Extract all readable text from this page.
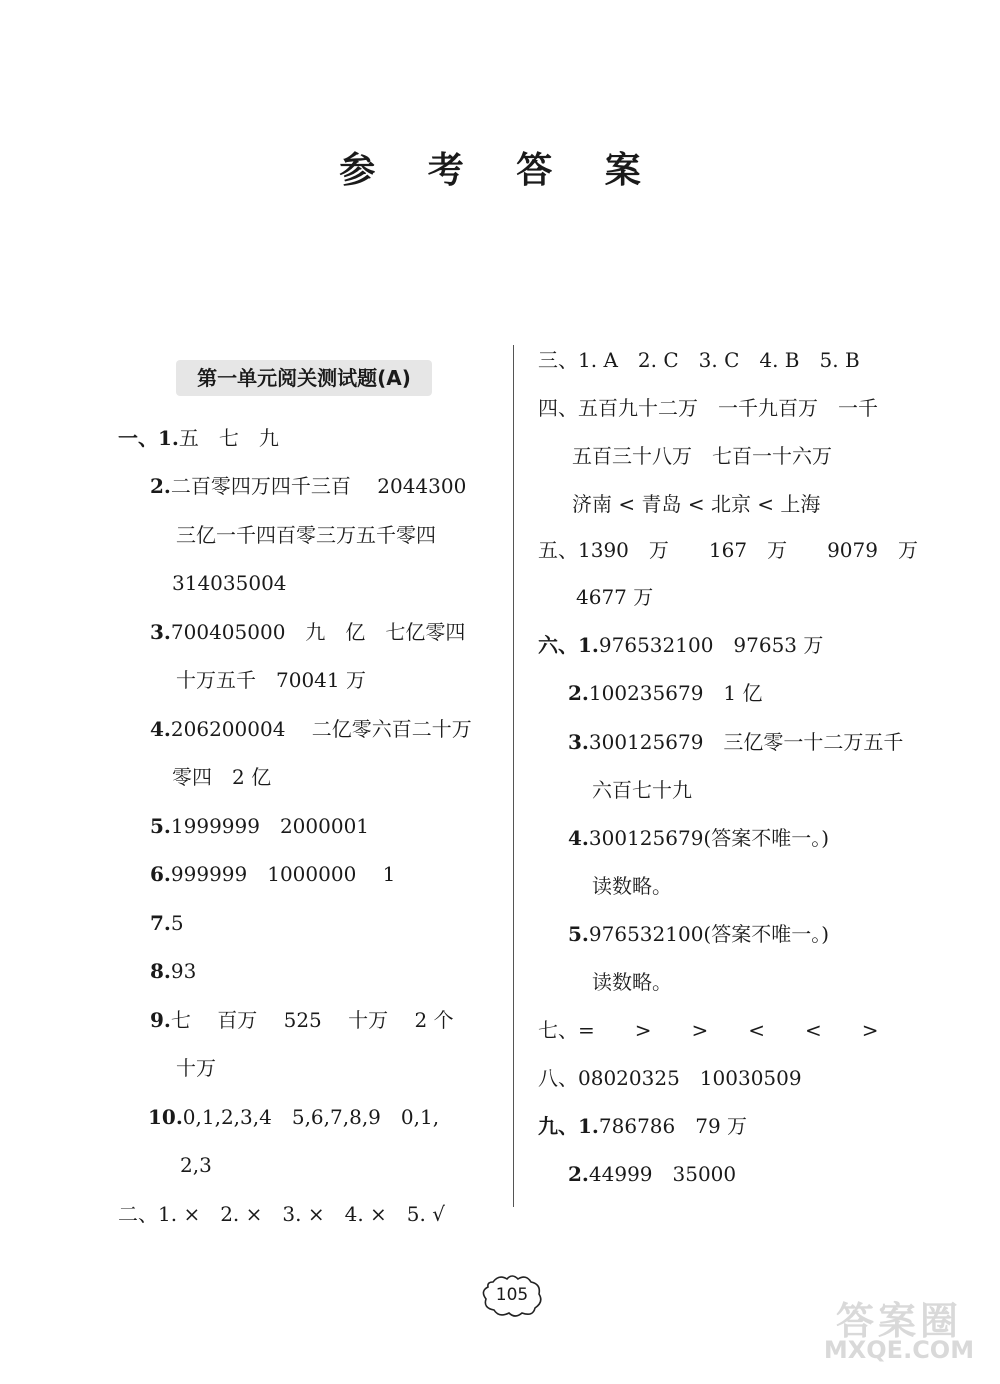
参 考 答 案
第一单元阅关测试题(A)
一、1.五　七　九
2.二百零四万四千三百　 2044300
三亿一千四百零三万五千零四
314035004
3.700405000　九　亿　七亿零四
十万五千　70041 万
4.206200004　 二亿零六百二十万
零四　2 亿
5.1999999　2000001
6.999999　1000000　 1
7.5
8.93
9.七　 百万　 525　 十万　 2 个
十万
10.0,1,2,3,4　5,6,7,8,9　0,1,
2,3
二、1. ×　2. ×　3. ×　4. ×　5. √
三、1. A　2. C　3. C　4. B　5. B
四、五百九十二万　一千九百万　一千
五百三十八万　七百一十六万
济南 < 青岛 < 北京 < 上海
五、1390　万　　167　万　　9079　万
4677 万
六、1.976532100　97653 万
2.100235679　1 亿
3.300125679　三亿零一十二万五千
六百七十九
4.300125679(答案不唯一。)
读数略。
5.976532100(答案不唯一。)
读数略。
七、=　　>　　>　　<　　<　　>
八、08020325　10030509
九、1.786786　79 万
2.44999　35000
105
答案圈
MXQE.COM
